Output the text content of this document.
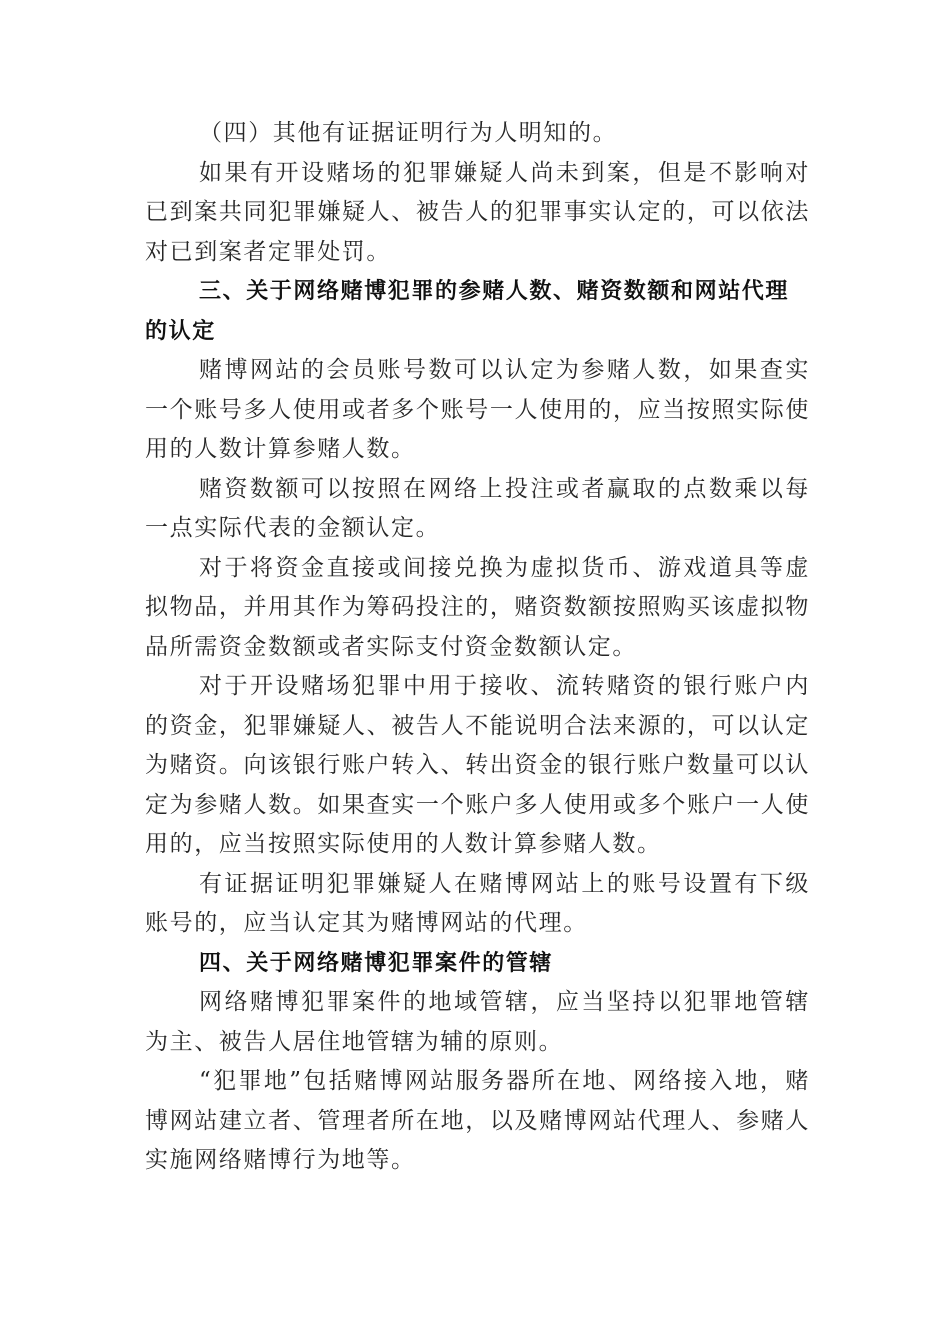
（四）其他有证据证明行为人明知的。

如果有开设赌场的犯罪嫌疑人尚未到案，但是不影响对已到案共同犯罪嫌疑人、被告人的犯罪事实认定的，可以依法对已到案者定罪处罚。

三、关于网络赌博犯罪的参赌人数、赌资数额和网站代理的认定

赌博网站的会员账号数可以认定为参赌人数，如果查实一个账号多人使用或者多个账号一人使用的，应当按照实际使用的人数计算参赌人数。

赌资数额可以按照在网络上投注或者赢取的点数乘以每一点实际代表的金额认定。

对于将资金直接或间接兑换为虚拟货币、游戏道具等虚拟物品，并用其作为筹码投注的，赌资数额按照购买该虚拟物品所需资金数额或者实际支付资金数额认定。

对于开设赌场犯罪中用于接收、流转赌资的银行账户内的资金，犯罪嫌疑人、被告人不能说明合法来源的，可以认定为赌资。向该银行账户转入、转出资金的银行账户数量可以认定为参赌人数。如果查实一个账户多人使用或多个账户一人使用的，应当按照实际使用的人数计算参赌人数。

有证据证明犯罪嫌疑人在赌博网站上的账号设置有下级账号的，应当认定其为赌博网站的代理。

四、关于网络赌博犯罪案件的管辖

网络赌博犯罪案件的地域管辖，应当坚持以犯罪地管辖为主、被告人居住地管辖为辅的原则。

“犯罪地”包括赌博网站服务器所在地、网络接入地，赌博网站建立者、管理者所在地，以及赌博网站代理人、参赌人实施网络赌博行为地等。
